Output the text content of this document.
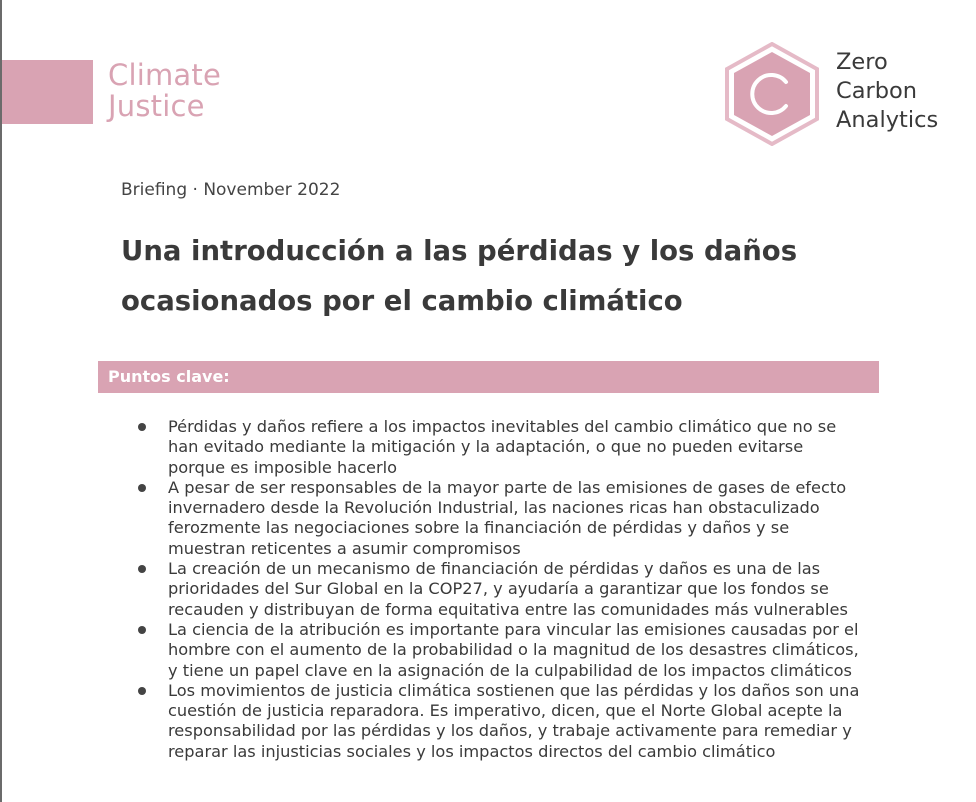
Climate
Justice
Zero
Carbon
Analytics
Briefing · November 2022
Una introducción a las pérdidas y los daños
ocasionados por el cambio climático
Puntos clave:
Pérdidas y daños refiere a los impactos inevitables del cambio climático que no se
han evitado mediante la mitigación y la adaptación, o que no pueden evitarse
porque es imposible hacerlo
A pesar de ser responsables de la mayor parte de las emisiones de gases de efecto
invernadero desde la Revolución Industrial, las naciones ricas han obstaculizado
ferozmente las negociaciones sobre la financiación de pérdidas y daños y se
muestran reticentes a asumir compromisos
La creación de un mecanismo de financiación de pérdidas y daños es una de las
prioridades del Sur Global en la COP27, y ayudaría a garantizar que los fondos se
recauden y distribuyan de forma equitativa entre las comunidades más vulnerables
La ciencia de la atribución es importante para vincular las emisiones causadas por el
hombre con el aumento de la probabilidad o la magnitud de los desastres climáticos,
y tiene un papel clave en la asignación de la culpabilidad de los impactos climáticos
Los movimientos de justicia climática sostienen que las pérdidas y los daños son una
cuestión de justicia reparadora. Es imperativo, dicen, que el Norte Global acepte la
responsabilidad por las pérdidas y los daños, y trabaje activamente para remediar y
reparar las injusticias sociales y los impactos directos del cambio climático
